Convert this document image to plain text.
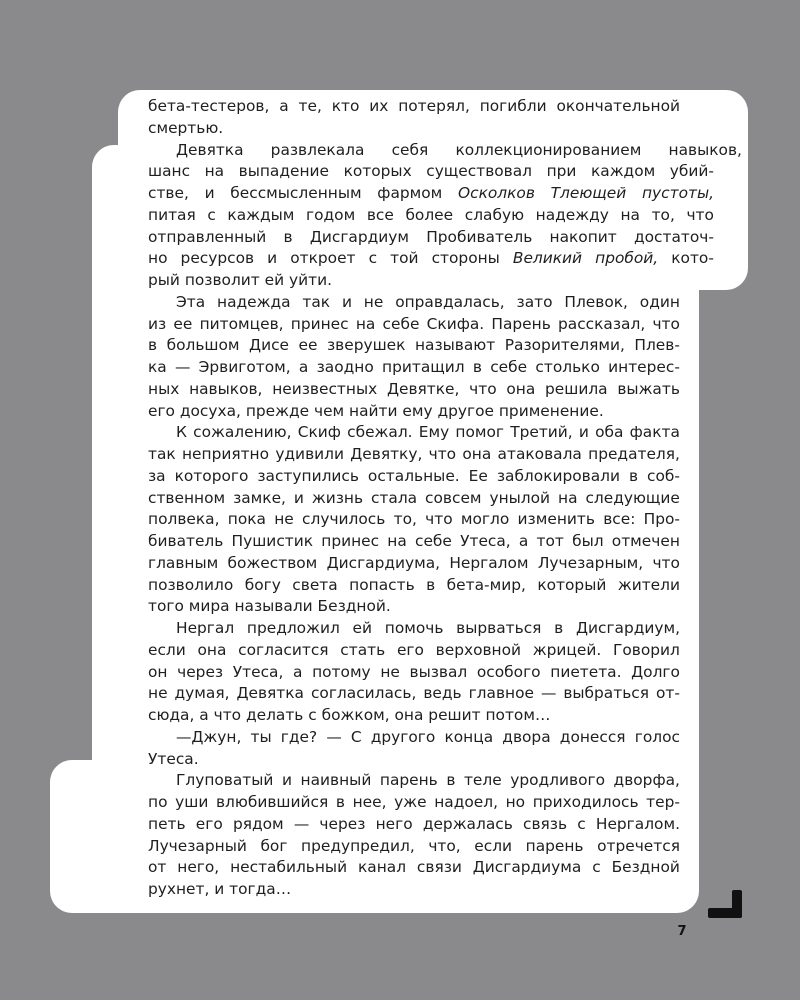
бета-тестеров, а те, кто их потерял, погибли окончательной
смертью.
Девятка развлекала себя коллекционированием навыков,
шанс на выпадение которых существовал при каждом убий-
стве, и бессмысленным фармом Осколков Тлеющей пустоты,
питая с каждым годом все более слабую надежду на то, что
отправленный в Дисгардиум Пробиватель накопит достаточ-
но ресурсов и откроет с той стороны Великий пробой, кото-
рый позволит ей уйти.
Эта надежда так и не оправдалась, зато Плевок, один
из ее питомцев, принес на себе Скифа. Парень рассказал, что
в большом Дисе ее зверушек называют Разорителями, Плев-
ка — Эрвиготом, а заодно притащил в себе столько интерес-
ных навыков, неизвестных Девятке, что она решила выжать
его досуха, прежде чем найти ему другое применение.
К сожалению, Скиф сбежал. Ему помог Третий, и оба факта
так неприятно удивили Девятку, что она атаковала предателя,
за которого заступились остальные. Ее заблокировали в соб-
ственном замке, и жизнь стала совсем унылой на следующие
полвека, пока не случилось то, что могло изменить все: Про-
биватель Пушистик принес на себе Утеса, а тот был отмечен
главным божеством Дисгардиума, Нергалом Лучезарным, что
позволило богу света попасть в бета-мир, который жители
того мира называли Бездной.
Нергал предложил ей помочь вырваться в Дисгардиум,
если она согласится стать его верховной жрицей. Говорил
он через Утеса, а потому не вызвал особого пиетета. Долго
не думая, Девятка согласилась, ведь главное — выбраться от-
сюда, а что делать с божком, она решит потом…
—Джун, ты где? — С другого конца двора донесся голос
Утеса.
Глуповатый и наивный парень в теле уродливого дворфа,
по уши влюбившийся в нее, уже надоел, но приходилось тер-
петь его рядом — через него держалась связь с Нергалом.
Лучезарный бог предупредил, что, если парень отречется
от него, нестабильный канал связи Дисгардиума с Бездной
рухнет, и тогда…
7
